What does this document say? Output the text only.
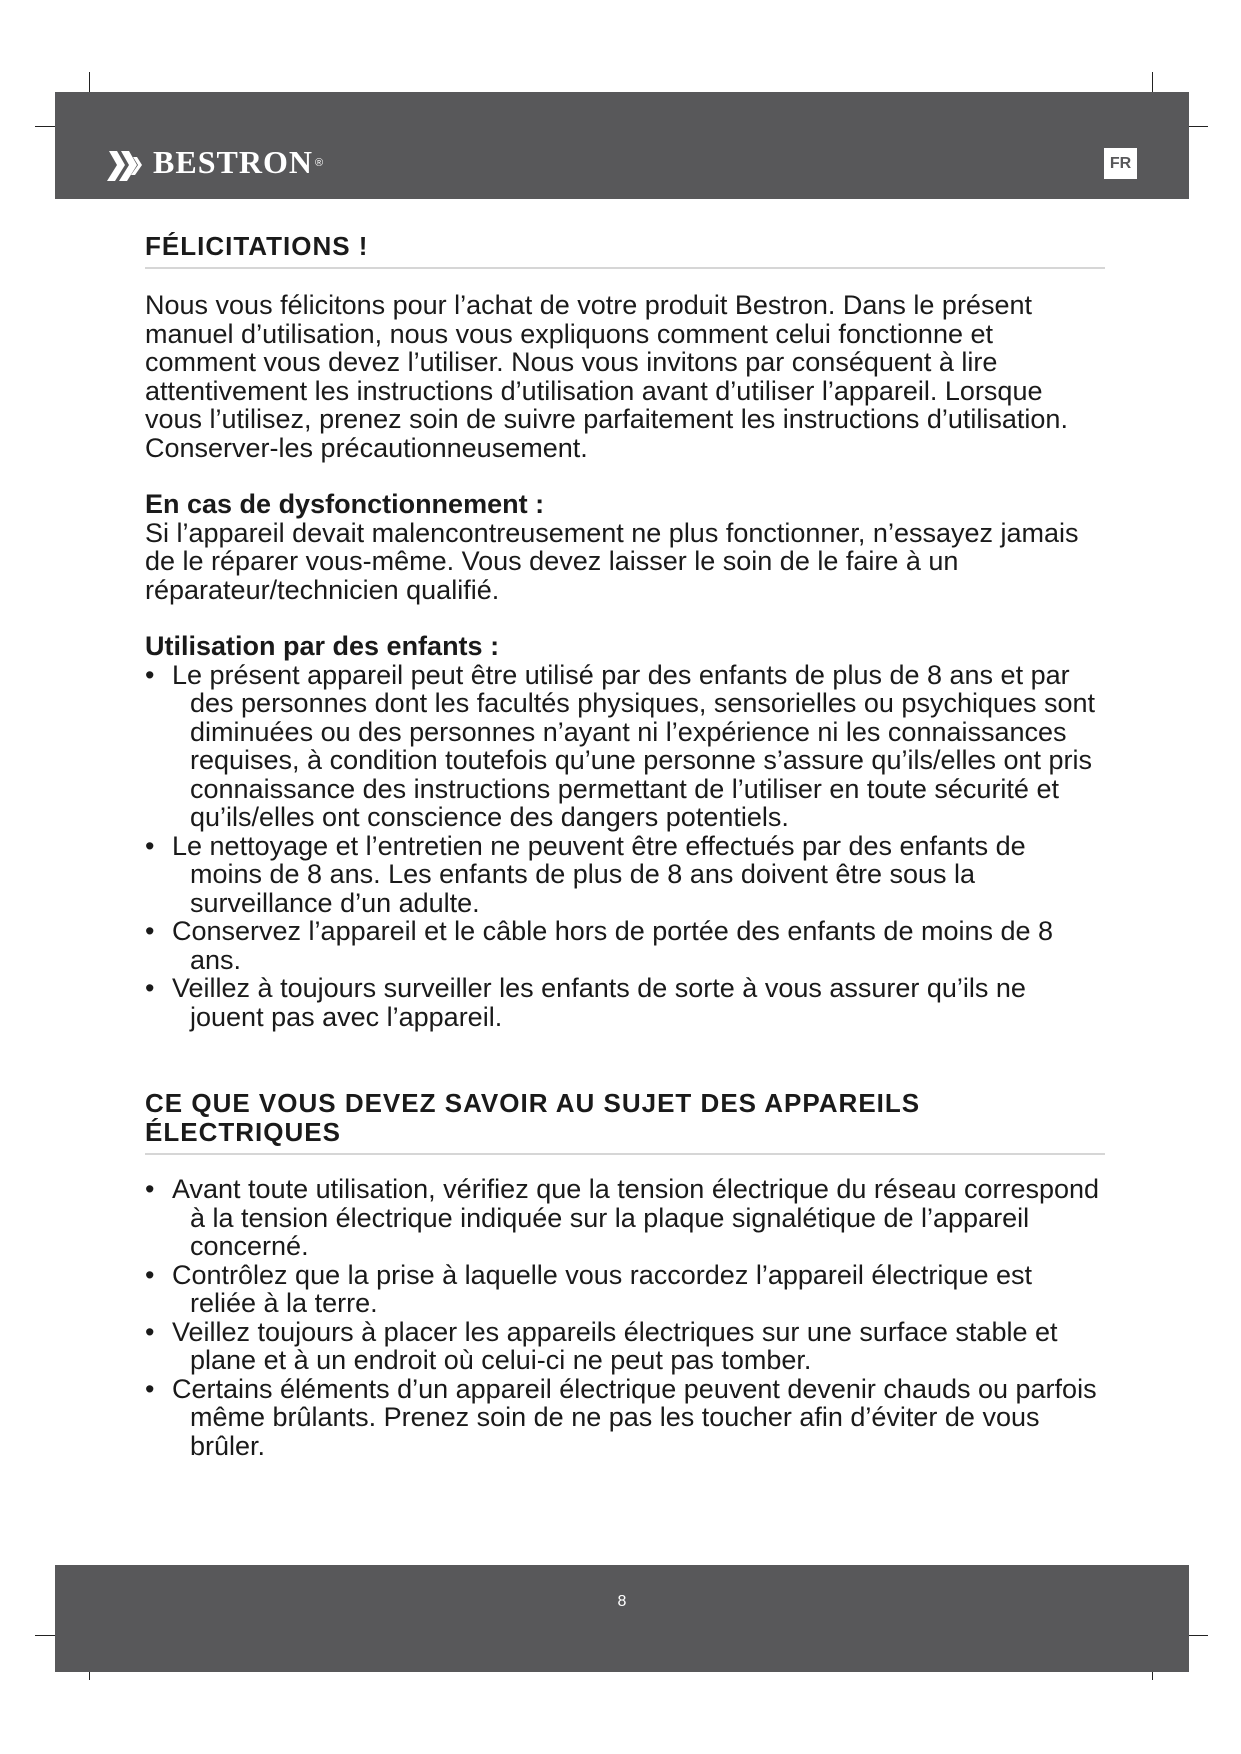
BESTRON ®	FR
FÉLICITATIONS !

Nous vous félicitons pour l’achat de votre produit Bestron. Dans le présent manuel d’utilisation, nous vous expliquons comment celui fonctionne et comment vous devez l’utiliser. Nous vous invitons par conséquent à lire attentivement les instructions d’utilisation avant d’utiliser l’appareil. Lorsque vous l’utilisez, prenez soin de suivre parfaitement les instructions d’utilisation. Conserver-les précautionneusement.

En cas de dysfonctionnement :

Si l’appareil devait malencontreusement ne plus fonctionner, n’essayez jamais de le réparer vous-même. Vous devez laisser le soin de le faire à un réparateur/technicien qualifié.

Utilisation par des enfants :
• Le présent appareil peut être utilisé par des enfants de plus de 8 ans et par des personnes dont les facultés physiques, sensorielles ou psychiques sont diminuées ou des personnes n’ayant ni l’expérience ni les connaissances requises, à condition toutefois qu’une personne s’assure qu’ils/elles ont pris connaissance des instructions permettant de l’utiliser en toute sécurité et qu’ils/elles ont conscience des dangers potentiels.
• Le nettoyage et l’entretien ne peuvent être effectués par des enfants de moins de 8 ans. Les enfants de plus de 8 ans doivent être sous la surveillance d’un adulte.
• Conservez l’appareil et le câble hors de portée des enfants de moins de 8 ans.
• Veillez à toujours surveiller les enfants de sorte à vous assurer qu’ils ne jouent pas avec l’appareil.
CE QUE VOUS DEVEZ SAVOIR AU SUJET DES APPAREILS ÉLECTRIQUES
• Avant toute utilisation, vérifiez que la tension électrique du réseau correspond à la tension électrique indiquée sur la plaque signalétique de l’appareil concerné.
• Contrôlez que la prise à laquelle vous raccordez l’appareil électrique est reliée à la terre.
• Veillez toujours à placer les appareils électriques sur une surface stable et plane et à un endroit où celui-ci ne peut pas tomber.
• Certains éléments d’un appareil électrique peuvent devenir chauds ou parfois même brûlants. Prenez soin de ne pas les toucher afin d’éviter de vous brûler.
8
